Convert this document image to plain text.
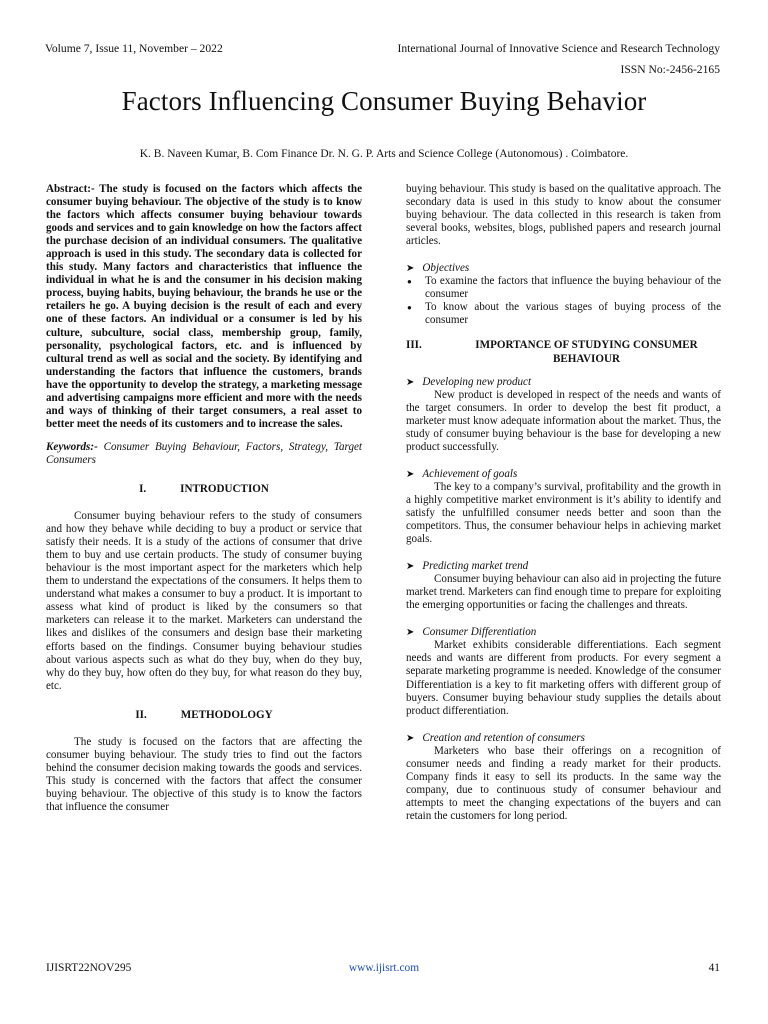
Volume 7, Issue 11, November – 2022	International Journal of Innovative Science and Research Technology
ISSN No:-2456-2165
Factors Influencing Consumer Buying Behavior
K. B. Naveen Kumar, B. Com Finance Dr. N. G. P. Arts and Science College (Autonomous) . Coimbatore.

Abstract:- The study is focused on the factors which affects the consumer buying behaviour. The objective of the study is to know the factors which affects consumer buying behaviour towards goods and services and to gain knowledge on how the factors affect the purchase decision of an individual consumers. The qualitative approach is used in this study. The secondary data is collected for this study. Many factors and characteristics that influence the individual in what he is and the consumer in his decision making process, buying habits, buying behaviour, the brands he use or the retailers he go. A buying decision is the result of each and every one of these factors. An individual or a consumer is led by his culture, subculture, social class, membership group, family, personality, psychological factors, etc. and is influenced by cultural trend as well as social and the society. By identifying and understanding the factors that influence the customers, brands have the opportunity to develop the strategy, a marketing message and advertising campaigns more efficient and more with the needs and ways of thinking of their target consumers, a real asset to better meet the needs of its customers and to increase the sales.

Keywords:- Consumer Buying Behaviour, Factors, Strategy, Target Consumers

I.	INTRODUCTION

Consumer buying behaviour refers to the study of consumers and how they behave while deciding to buy a product or service that satisfy their needs. It is a study of the actions of consumer that drive them to buy and use certain products. The study of consumer buying behaviour is the most important aspect for the marketers which help them to understand the expectations of the consumers. It helps them to understand what makes a consumer to buy a product. It is important to assess what kind of product is liked by the consumers so that marketers can release it to the market. Marketers can understand the likes and dislikes of the consumers and design base their marketing efforts based on the findings. Consumer buying behaviour studies about various aspects such as what do they buy, when do they buy, why do they buy, how often do they buy, for what reason do they buy, etc.

II.	METHODOLOGY

The study is focused on the factors that are affecting the consumer buying behaviour. The study tries to find out the factors behind the consumer decision making towards the goods and services. This study is concerned with the factors that affect the consumer buying behaviour. The objective of this study is to know the factors that influence the consumer

buying behaviour. This study is based on the qualitative approach. The secondary data is used in this study to know about the consumer buying behaviour. The data collected in this research is taken from several books, websites, blogs, published papers and research journal articles.

➤ Objectives
● To examine the factors that influence the buying behaviour of the consumer
● To know about the various stages of buying process of the consumer
III.	IMPORTANCE OF STUDYING CONSUMER BEHAVIOUR
➤ Developing new product

New product is developed in respect of the needs and wants of the target consumers. In order to develop the best fit product, a marketer must know adequate information about the market. Thus, the study of consumer buying behaviour is the base for developing a new product successfully.

➤ Achievement of goals

The key to a company’s survival, profitability and the growth in a highly competitive market environment is it’s ability to identify and satisfy the unfulfilled consumer needs better and soon than the competitors. Thus, the consumer behaviour helps in achieving market goals.

➤ Predicting market trend

Consumer buying behaviour can also aid in projecting the future market trend. Marketers can find enough time to prepare for exploiting the emerging opportunities or facing the challenges and threats.

➤ Consumer Differentiation

Market exhibits considerable differentiations. Each segment needs and wants are different from products. For every segment a separate marketing programme is needed. Knowledge of the consumer Differentiation is a key to fit marketing offers with different group of buyers. Consumer buying behaviour study supplies the details about product differentiation.

➤ Creation and retention of consumers

Marketers who base their offerings on a recognition of consumer needs and finding a ready market for their products. Company finds it easy to sell its products. In the same way the company, due to continuous study of consumer behaviour and attempts to meet the changing expectations of the buyers and can retain the customers for long period.

IJISRT22NOV295	www.ijisrt.com	41
